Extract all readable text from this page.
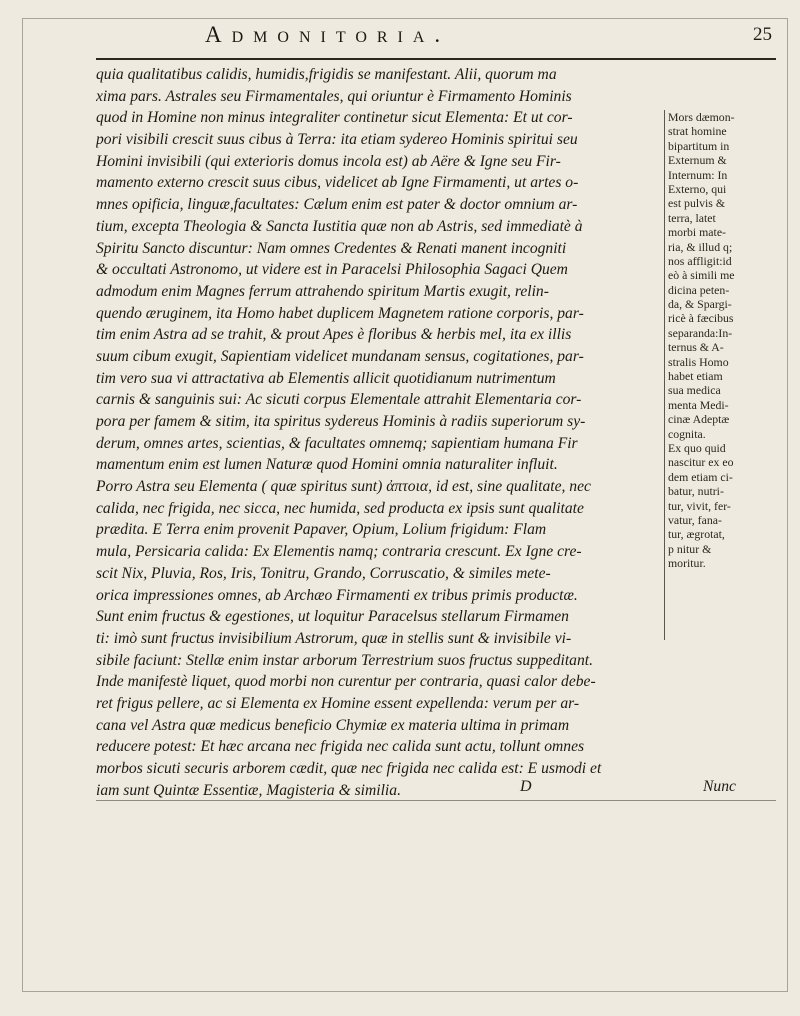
Admonitoria.	25
quia qualitatibus calidis, humidis,frigidis se manifestant. Alii, quorum ma
xima pars. Astrales seu Firmamentales, qui oriuntur è Firmamento Hominis
quod in Homine non minus integraliter continetur sicut Elementa: Et ut cor-
pori visibili crescit suus cibus à Terra: ita etiam sydereo Hominis spiritui seu
Homini invisibili (qui exterioris domus incola est) ab Aëre & Igne seu Fir-
mamento externo crescit suus cibus, videlicet ab Igne Firmamenti, ut artes o-
mnes opificia, linguæ,facultates: Cælum enim est pater & doctor omnium ar-
tium, excepta Theologia & Sancta Iustitia quæ non ab Astris, sed immediatè à
Spiritu Sancto discuntur: Nam omnes Credentes & Renati manent incogniti
& occultati Astronomo, ut videre est in Paracelsi Philosophia Sagaci Quem
admodum enim Magnes ferrum attrahendo spiritum Martis exugit, relin-
quendo æruginem, ita Homo habet duplicem Magnetem ratione corporis, par-
tim enim Astra ad se trahit, & prout Apes è floribus & herbis mel, ita ex illis
suum cibum exugit, Sapientiam videlicet mundanam sensus, cogitationes, par-
tim vero sua vi attractativa ab Elementis allicit quotidianum nutrimentum
carnis & sanguinis sui: Ac sicuti corpus Elementale attrahit Elementaria cor-
pora per famem & sitim, ita spiritus sydereus Hominis à radiis superiorum sy-
derum, omnes artes, scientias, & facultates omnemq; sapientiam humana Fir
mamentum enim est lumen Naturæ quod Homini omnia naturaliter influit.
Porro Astra seu Elementa ( quæ spiritus sunt) ἀπτοια, id est, sine qualitate, nec
calida, nec frigida, nec sicca, nec humida, sed producta ex ipsis sunt qualitate
prædita. E Terra enim provenit Papaver, Opium, Lolium frigidum: Flam
mula, Persicaria calida: Ex Elementis namq; contraria crescunt. Ex Igne cre-
scit Nix, Pluvia, Ros, Iris, Tonitru, Grando, Corruscatio, & similes mete-
orica impressiones omnes, ab Archæo Firmamenti ex tribus primis productæ.
Sunt enim fructus & egestiones, ut loquitur Paracelsus stellarum Firmamen
ti: imò sunt fructus invisibilium Astrorum, quæ in stellis sunt & invisibile vi-
sibile faciunt: Stellæ enim instar arborum Terrestrium suos fructus suppeditant.
Inde manifestè liquet, quod morbi non curentur per contraria, quasi calor debe-
ret frigus pellere, ac si Elementa ex Homine essent expellenda: verum per ar-
cana vel Astra quæ medicus beneficio Chymiæ ex materia ultima in primam
reducere potest: Et hæc arcana nec frigida nec calida sunt actu, tollunt omnes
morbos sicuti securis arborem cædit, quæ nec frigida nec calida est: E usmodi et
iam sunt Quintæ Essentiæ, Magisteria & similia.
Mors dæmon-
strat homine
bipartitum in
Externum &
Internum: In
Externo, qui
est pulvis &
terra, latet
morbi mate-
ria, & illud q;
nos affligit:id
eò à simili me
dicina peten-
da, & Spargi-
ricè à fæcibus
separanda:In-
ternus & A-
stralis Homo
habet etiam
sua medica
menta Medi-
cinæ Adeptæ
cognita.
Ex quo quid
nascitur ex eo
dem etiam ci-
batur, nutri-
tur, vivit, fer-
vatur, fana-
tur, ægrotat,
p nitur &
moritur.
D	Nunc
